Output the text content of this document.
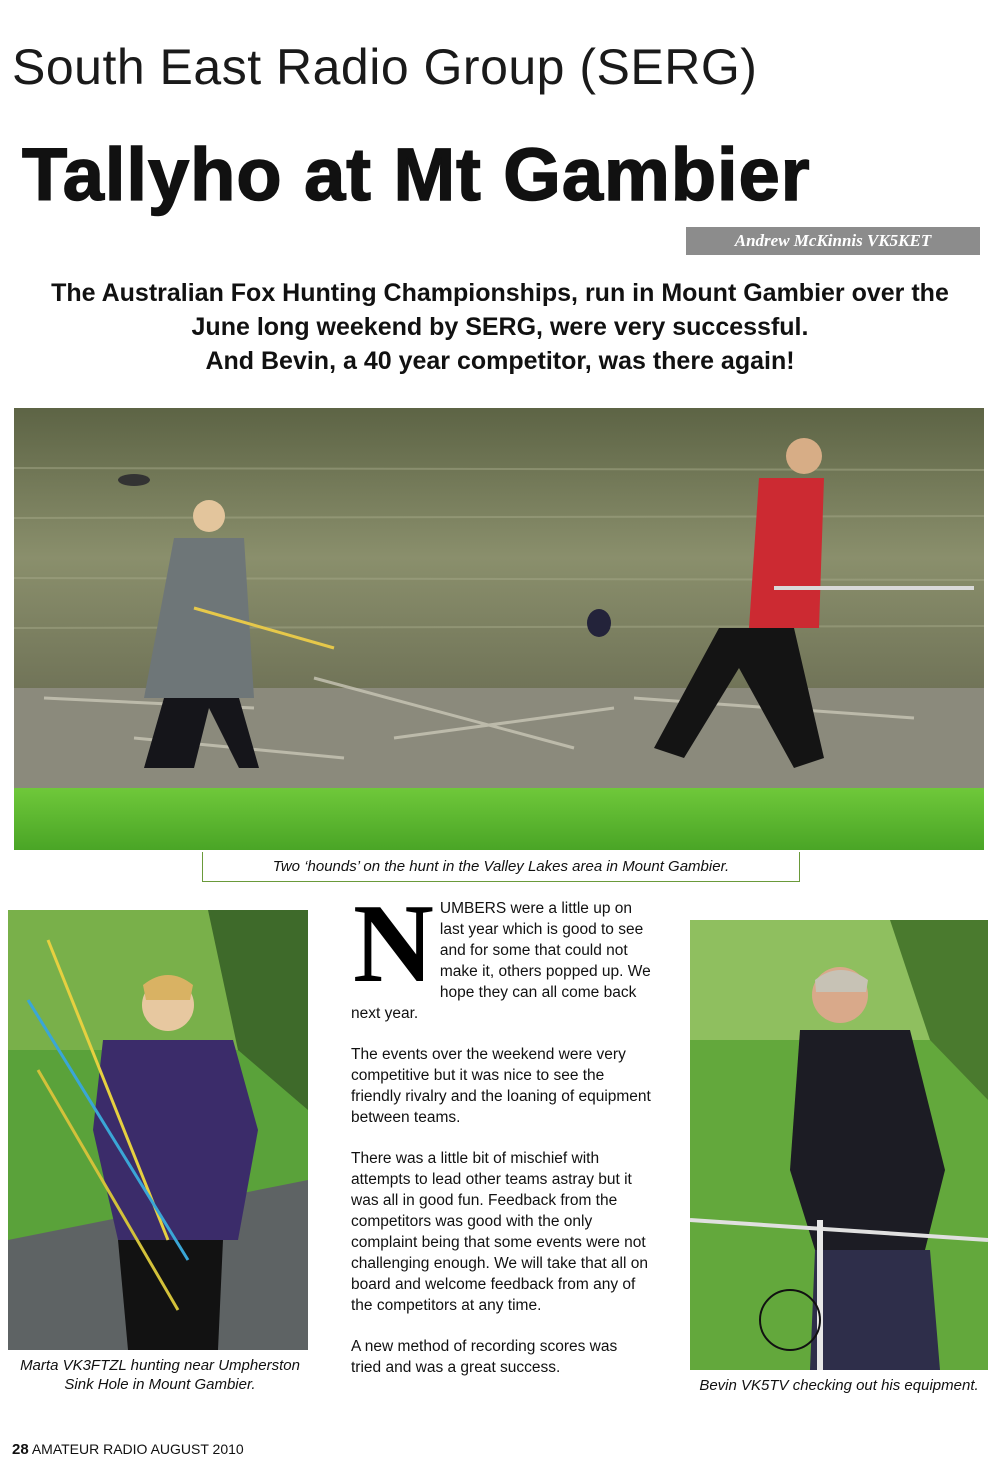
South East Radio Group (SERG)
Tallyho at Mt Gambier
Andrew McKinnis VK5KET

The Australian Fox Hunting Championships, run in Mount Gambier over the

June long weekend by SERG, were very successful.

And Bevin, a 40 year competitor, was there again!

Two ‘hounds’ on the hunt in the Valley Lakes area in Mount Gambier.
Marta VK3FTZL hunting near Umpherston Sink Hole in Mount Gambier.

NUMBERS were a little up on last year which is good to see and for some that could not make it, others popped up. We hope they can all come back next year.

The events over the weekend were very competitive but it was nice to see the friendly rivalry and the loaning of equipment between teams.

There was a little bit of mischief with attempts to lead other teams astray but it was all in good fun. Feedback from the competitors was good with the only complaint being that some events were not challenging enough. We will take that all on board and welcome feedback from any of the competitors at any time.

A new method of recording scores was tried and was a great success.

Bevin VK5TV checking out his equipment.
28 AMATEUR RADIO AUGUST 2010
